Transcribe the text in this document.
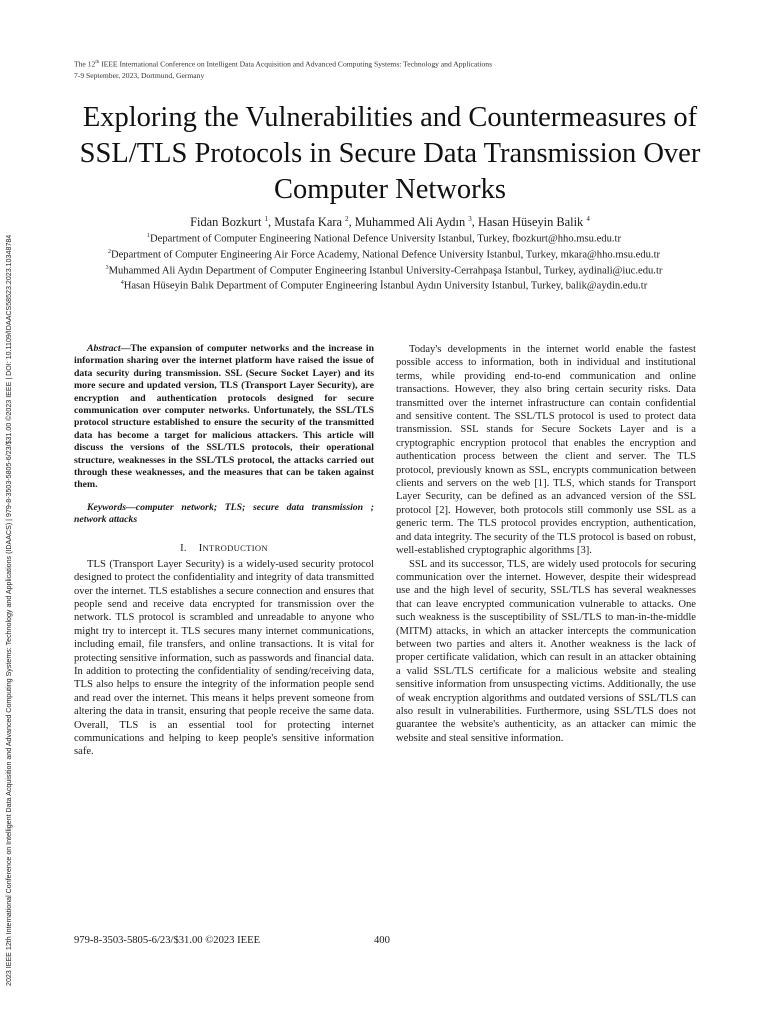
2023 IEEE 12th International Conference on Intelligent Data Acquisition and Advanced Computing Systems: Technology and Applications (IDAACS) | 979-8-3503-5805-6/23/$31.00 ©2023 IEEE | DOI: 10.1109/IDAACS58523.2023.10348784
The 12th IEEE International Conference on Intelligent Data Acquisition and Advanced Computing Systems: Technology and Applications
7-9 September, 2023, Dortmund, Germany
Exploring the Vulnerabilities and Countermeasures of SSL/TLS Protocols in Secure Data Transmission Over Computer Networks
Fidan Bozkurt $^1$, Mustafa Kara $^2$, Muhammed Ali Aydın $^3$, Hasan Hüseyin Balik $^4$
$^1$Department of Computer Engineering National Defence University Istanbul, Turkey, fbozkurt@hho.msu.edu.tr
$^2$Department of Computer Engineering Air Force Academy, National Defence University Istanbul, Turkey, mkara@hho.msu.edu.tr
$^3$Muhammed Ali Aydın Department of Computer Engineering Istanbul University-Cerrahpaşa Istanbul, Turkey, aydinali@iuc.edu.tr
$^4$Hasan Hüseyin Balık Department of Computer Engineering İstanbul Aydın University Istanbul, Turkey, balik@aydin.edu.tr

Abstract—The expansion of computer networks and the increase in information sharing over the internet platform have raised the issue of data security during transmission. SSL (Secure Socket Layer) and its more secure and updated version, TLS (Transport Layer Security), are encryption and authentication protocols designed for secure communication over computer networks. Unfortunately, the SSL/TLS protocol structure established to ensure the security of the transmitted data has become a target for malicious attackers. This article will discuss the versions of the SSL/TLS protocols, their operational structure, weaknesses in the SSL/TLS protocol, the attacks carried out through these weaknesses, and the measures that can be taken against them.

Keywords—computer network; TLS; secure data transmission ; network attacks

I. INTRODUCTION

TLS (Transport Layer Security) is a widely-used security protocol designed to protect the confidentiality and integrity of data transmitted over the internet. TLS establishes a secure connection and ensures that people send and receive data encrypted for transmission over the network. TLS protocol is scrambled and unreadable to anyone who might try to intercept it. TLS secures many internet communications, including email, file transfers, and online transactions. It is vital for protecting sensitive information, such as passwords and financial data. In addition to protecting the confidentiality of sending/receiving data, TLS also helps to ensure the integrity of the information people send and read over the internet. This means it helps prevent someone from altering the data in transit, ensuring that people receive the same data. Overall, TLS is an essential tool for protecting internet communications and helping to keep people's sensitive information safe.

Today's developments in the internet world enable the fastest possible access to information, both in individual and institutional terms, while providing end-to-end communication and online transactions. However, they also bring certain security risks. Data transmitted over the internet infrastructure can contain confidential and sensitive content. The SSL/TLS protocol is used to protect data transmission. SSL stands for Secure Sockets Layer and is a cryptographic encryption protocol that enables the encryption and authentication process between the client and server. The TLS protocol, previously known as SSL, encrypts communication between clients and servers on the web [1]. TLS, which stands for Transport Layer Security, can be defined as an advanced version of the SSL protocol [2]. However, both protocols still commonly use SSL as a generic term. The TLS protocol provides encryption, authentication, and data integrity. The security of the TLS protocol is based on robust, well-established cryptographic algorithms [3].

SSL and its successor, TLS, are widely used protocols for securing communication over the internet. However, despite their widespread use and the high level of security, SSL/TLS has several weaknesses that can leave encrypted communication vulnerable to attacks. One such weakness is the susceptibility of SSL/TLS to man-in-the-middle (MITM) attacks, in which an attacker intercepts the communication between two parties and alters it. Another weakness is the lack of proper certificate validation, which can result in an attacker obtaining a valid SSL/TLS certificate for a malicious website and stealing sensitive information from unsuspecting victims. Additionally, the use of weak encryption algorithms and outdated versions of SSL/TLS can also result in vulnerabilities. Furthermore, using SSL/TLS does not guarantee the website's authenticity, as an attacker can mimic the website and steal sensitive information.

979-8-3503-5805-6/23/$31.00 ©2023 IEEE	400
